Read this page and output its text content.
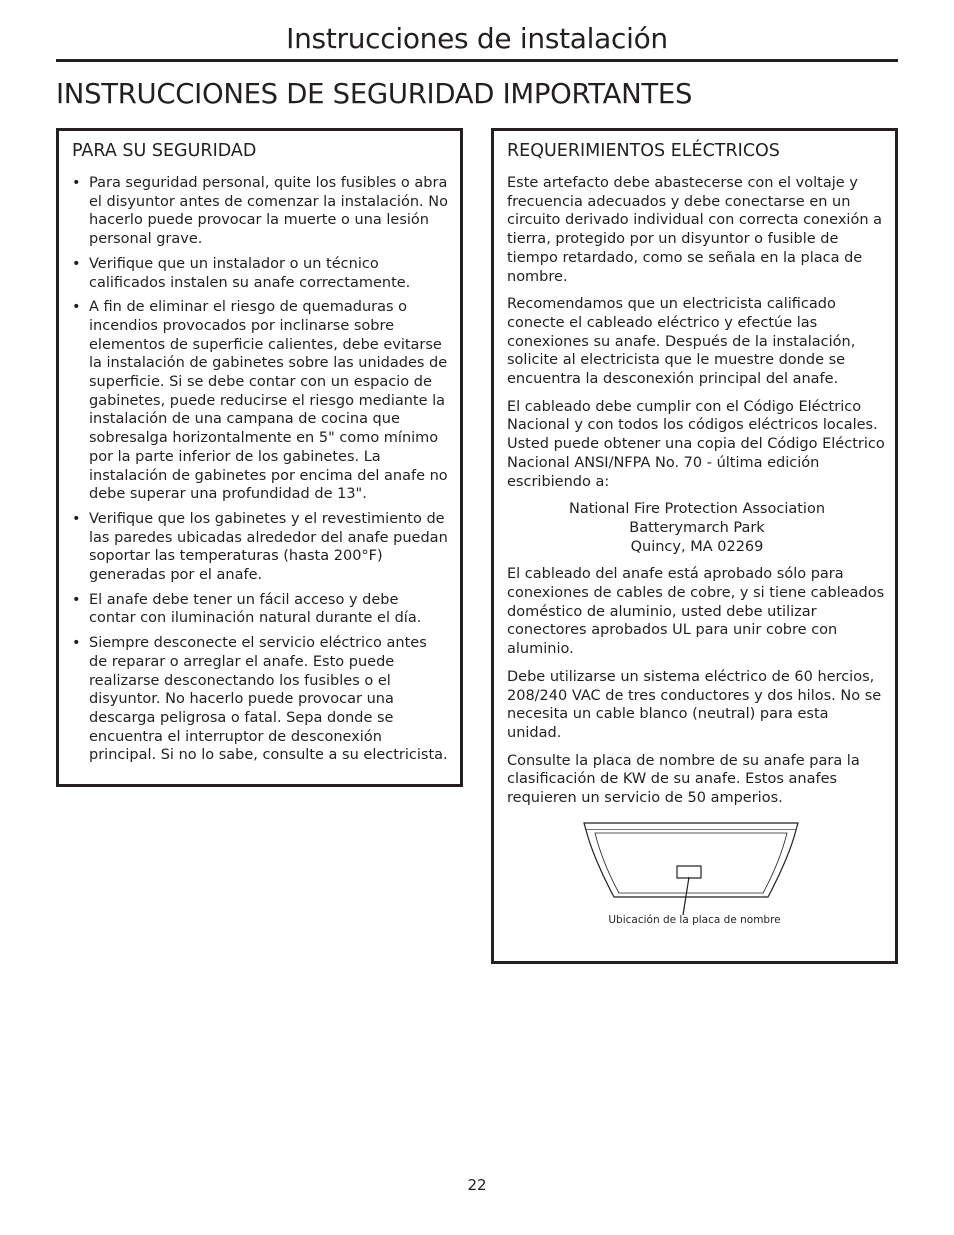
Instrucciones de instalación
INSTRUCCIONES DE SEGURIDAD IMPORTANTES
PARA SU SEGURIDAD
• Para seguridad personal, quite los fusibles o abra el disyuntor antes de comenzar la instalación. No hacerlo puede provocar la muerte o una lesión personal grave.
• Verifique que un instalador o un técnico calificados instalen su anafe correctamente.
• A fin de eliminar el riesgo de quemaduras o incendios provocados por inclinarse sobre elementos de superficie calientes, debe evitarse la instalación de gabinetes sobre las unidades de superficie. Si se debe contar con un espacio de gabinetes, puede reducirse el riesgo mediante la instalación de una campana de cocina que sobresalga horizontalmente en 5" como mínimo por la parte inferior de los gabinetes. La instalación de gabinetes por encima del anafe no debe superar una profundidad de 13".
• Verifique que los gabinetes y el revestimiento de las paredes ubicadas alrededor del anafe puedan soportar las temperaturas (hasta 200°F) generadas por el anafe.
• El anafe debe tener un fácil acceso y debe contar con iluminación natural durante el día.
• Siempre desconecte el servicio eléctrico antes de reparar o arreglar el anafe. Esto puede realizarse desconectando los fusibles o el disyuntor. No hacerlo puede provocar una descarga peligrosa o fatal. Sepa donde se encuentra el interruptor de desconexión principal. Si no lo sabe, consulte a su electricista.
REQUERIMIENTOS ELÉCTRICOS

Este artefacto debe abastecerse con el voltaje y frecuencia adecuados y debe conectarse en un circuito derivado individual con correcta conexión a tierra, protegido por un disyuntor o fusible de tiempo retardado, como se señala en la placa de nombre.

Recomendamos que un electricista calificado conecte el cableado eléctrico y efectúe las conexiones su anafe. Después de la instalación, solicite al electricista que le muestre donde se encuentra la desconexión principal del anafe.

El cableado debe cumplir con el Código Eléctrico Nacional y con todos los códigos eléctricos locales. Usted puede obtener una copia del Código Eléctrico Nacional ANSI/NFPA No. 70 - última edición escribiendo a:

National Fire Protection Association
Batterymarch Park
Quincy, MA 02269

El cableado del anafe está aprobado sólo para conexiones de cables de cobre, y si tiene cableados doméstico de aluminio, usted debe utilizar conectores aprobados UL para unir cobre con aluminio.

Debe utilizarse un sistema eléctrico de 60 hercios, 208/240 VAC de tres conductores y dos hilos. No se necesita un cable blanco (neutral) para esta unidad.

Consulte la placa de nombre de su anafe para la clasificación de KW de su anafe. Estos anafes requieren un servicio de 50 amperios.

Ubicación de la placa de nombre
22
